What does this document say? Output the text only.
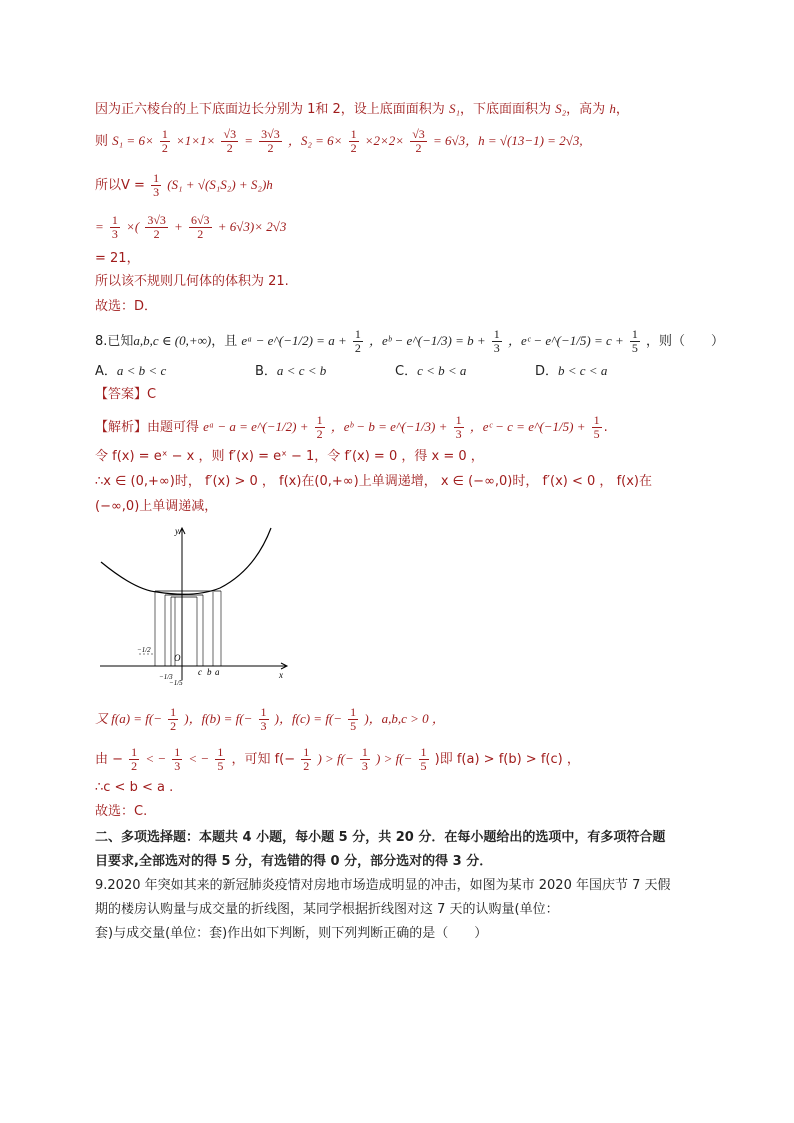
因为正六棱台的上下底面边长分别为 1和 2，设上底面面积为 S₁，下底面面积为 S₂，高为 h，
则 $S_1 = 6\times \frac{1}{2} \times 1\times 1\times \frac{√3}{2} = \frac{3√3}{2}$ ，$S_2 = 6\times \frac{1}{2} \times 2\times 2\times \frac{√3}{2} = 6√3$，h = √(13−1) = 2√3,
所以$V = \frac{1}{3} (S_1 + √(S_1S_2) + S_2)h$
= $\frac{1}{3}$ ×( $\frac{3√3}{2} + \frac{6√3}{2} + 6√3)\times 2√3$
= 21，
所以该不规则几何体的体积为 21.
故选：D．
8.已知a,b,c ∈ (0,+∞)，且 eᵃ − e^(−1/2) = $a + \frac{1}{2}$ ，eᵇ − e^(−1/3) = $b + \frac{1}{3}$ ，eᶜ − e^(−1/5) = $c + \frac{1}{5}$ ，则（　　）
A．a < b < c	B．a < c < b	C．c < b < a	D．b < c < a
【答案】C
【解析】由题可得 eᵃ − a = e^(−1/2) + $\frac{1}{2}$ ，eᵇ − b = e^(−1/3) + $\frac{1}{3}$ ，eᶜ − c = e^(−1/5) + $\frac{1}{5}$ .
令 f(x) = eˣ − x ，则 f′(x) = eˣ − 1，令 f′(x) = 0 ，得 x = 0 ，
∴x ∈ (0,+∞)时， f′(x) > 0 ， f(x)在(0,+∞)上单调递增， x ∈ (−∞,0)时， f′(x) < 0 ， f(x)在
(−∞,0)上单调递减，
y
x
O
c b a
−1/2
−1/3
−1/5
又 $f(a) = f(- \frac{1}{2}$ )，$f(b) = f(- \frac{1}{3}$ )，$f(c) = f(- \frac{1}{5}$ )，a,b,c > 0 ，
由 − $\frac{1}{2}$ < − $\frac{1}{3}$ < − $\frac{1}{5}$ ，可知 $f(- \frac{1}{2}$ ) > $f(- \frac{1}{3}$ ) > $f(- \frac{1}{5}$ )即 f(a) > f(b) > f(c) ，
∴c < b < a .
故选：C.
二、多项选择题：本题共 4 小题，每小题 5 分，共 20 分．在每小题给出的选项中，有多项符合题
目要求,全部选对的得 5 分，有选错的得 0 分，部分选对的得 3 分．
9.2020 年突如其来的新冠肺炎疫情对房地市场造成明显的冲击，如图为某市 2020 年国庆节 7 天假
期的楼房认购量与成交量的折线图，某同学根据折线图对这 7 天的认购量(单位：
套)与成交量(单位：套)作出如下判断，则下列判断正确的是（　　）
